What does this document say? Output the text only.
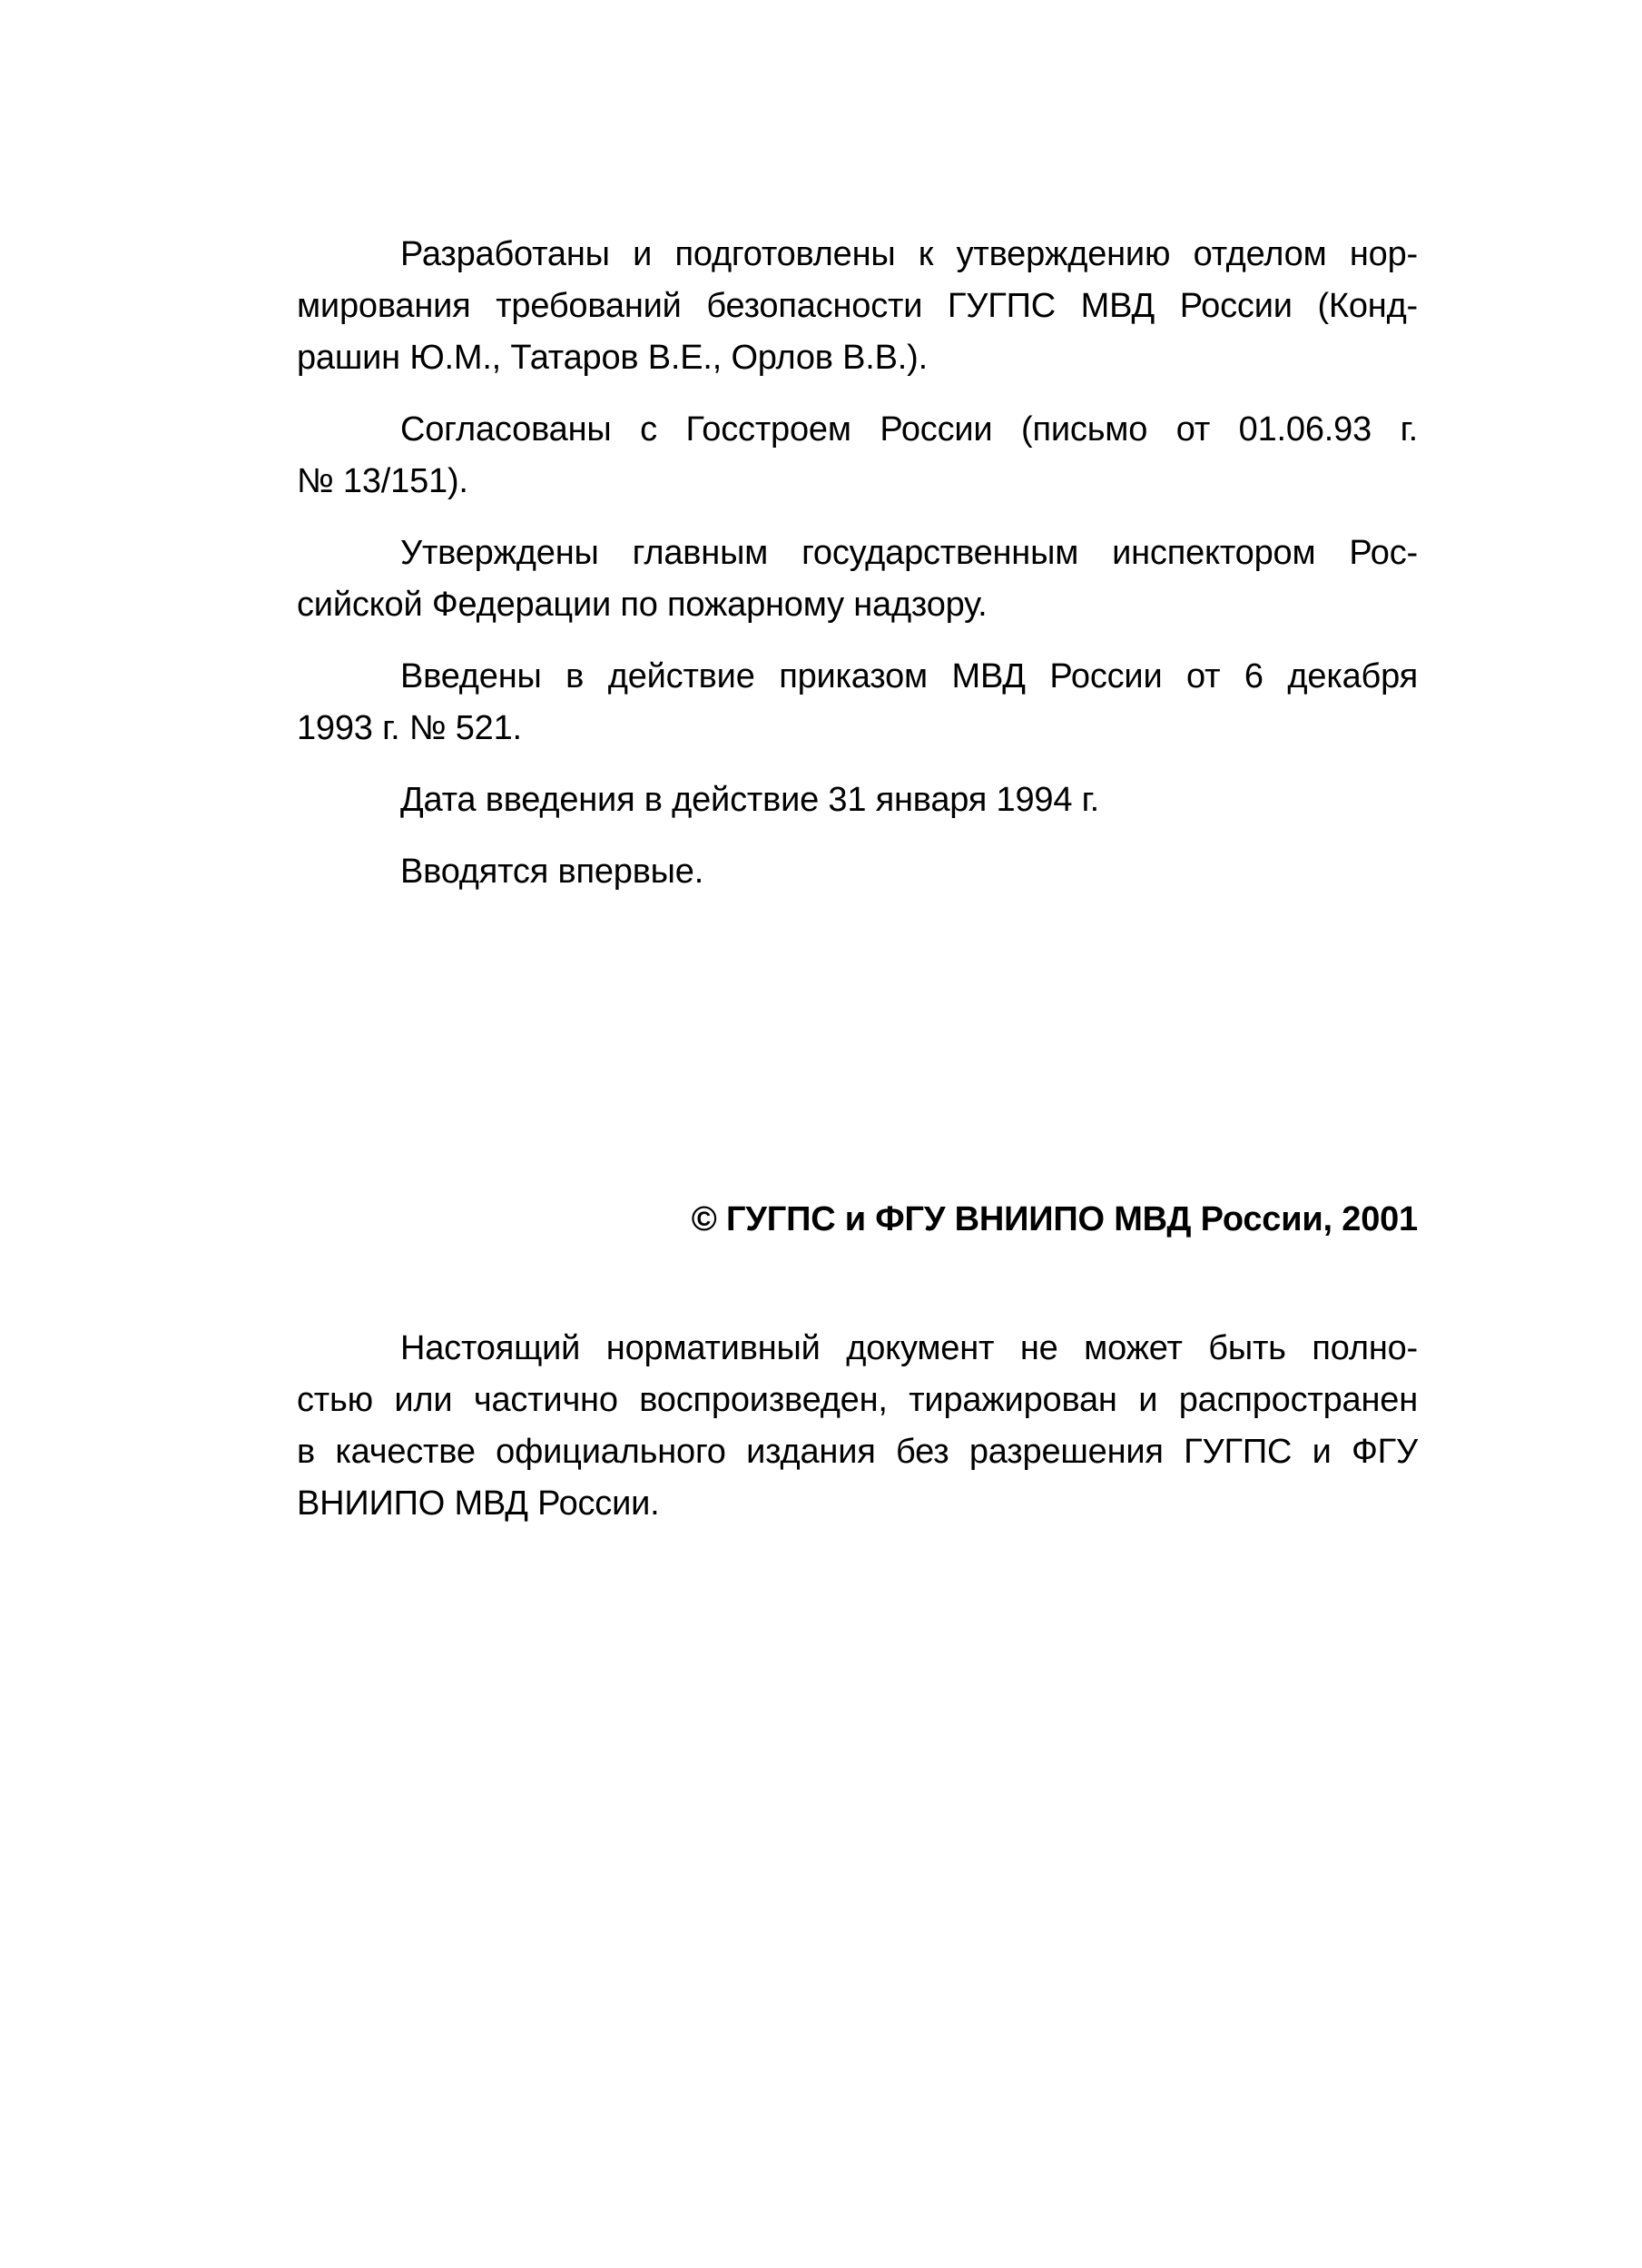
Разработаны и подготовлены к утверждению отделом нор-
мирования требований безопасности ГУГПС МВД России (Конд-
рашин Ю.М., Татаров В.Е., Орлов В.В.).
Согласованы с Госстроем России (письмо от 01.06.93 г.
№ 13/151).
Утверждены главным государственным инспектором Рос-
сийской Федерации по пожарному надзору.
Введены в действие приказом МВД России от 6 декабря
1993 г. № 521.
Дата введения в действие 31 января 1994 г.
Вводятся впервые.
© ГУГПС и ФГУ ВНИИПО МВД России, 2001
Настоящий нормативный документ не может быть полно-
стью или частично воспроизведен, тиражирован и распространен
в качестве официального издания без разрешения ГУГПС и ФГУ
ВНИИПО МВД России.
